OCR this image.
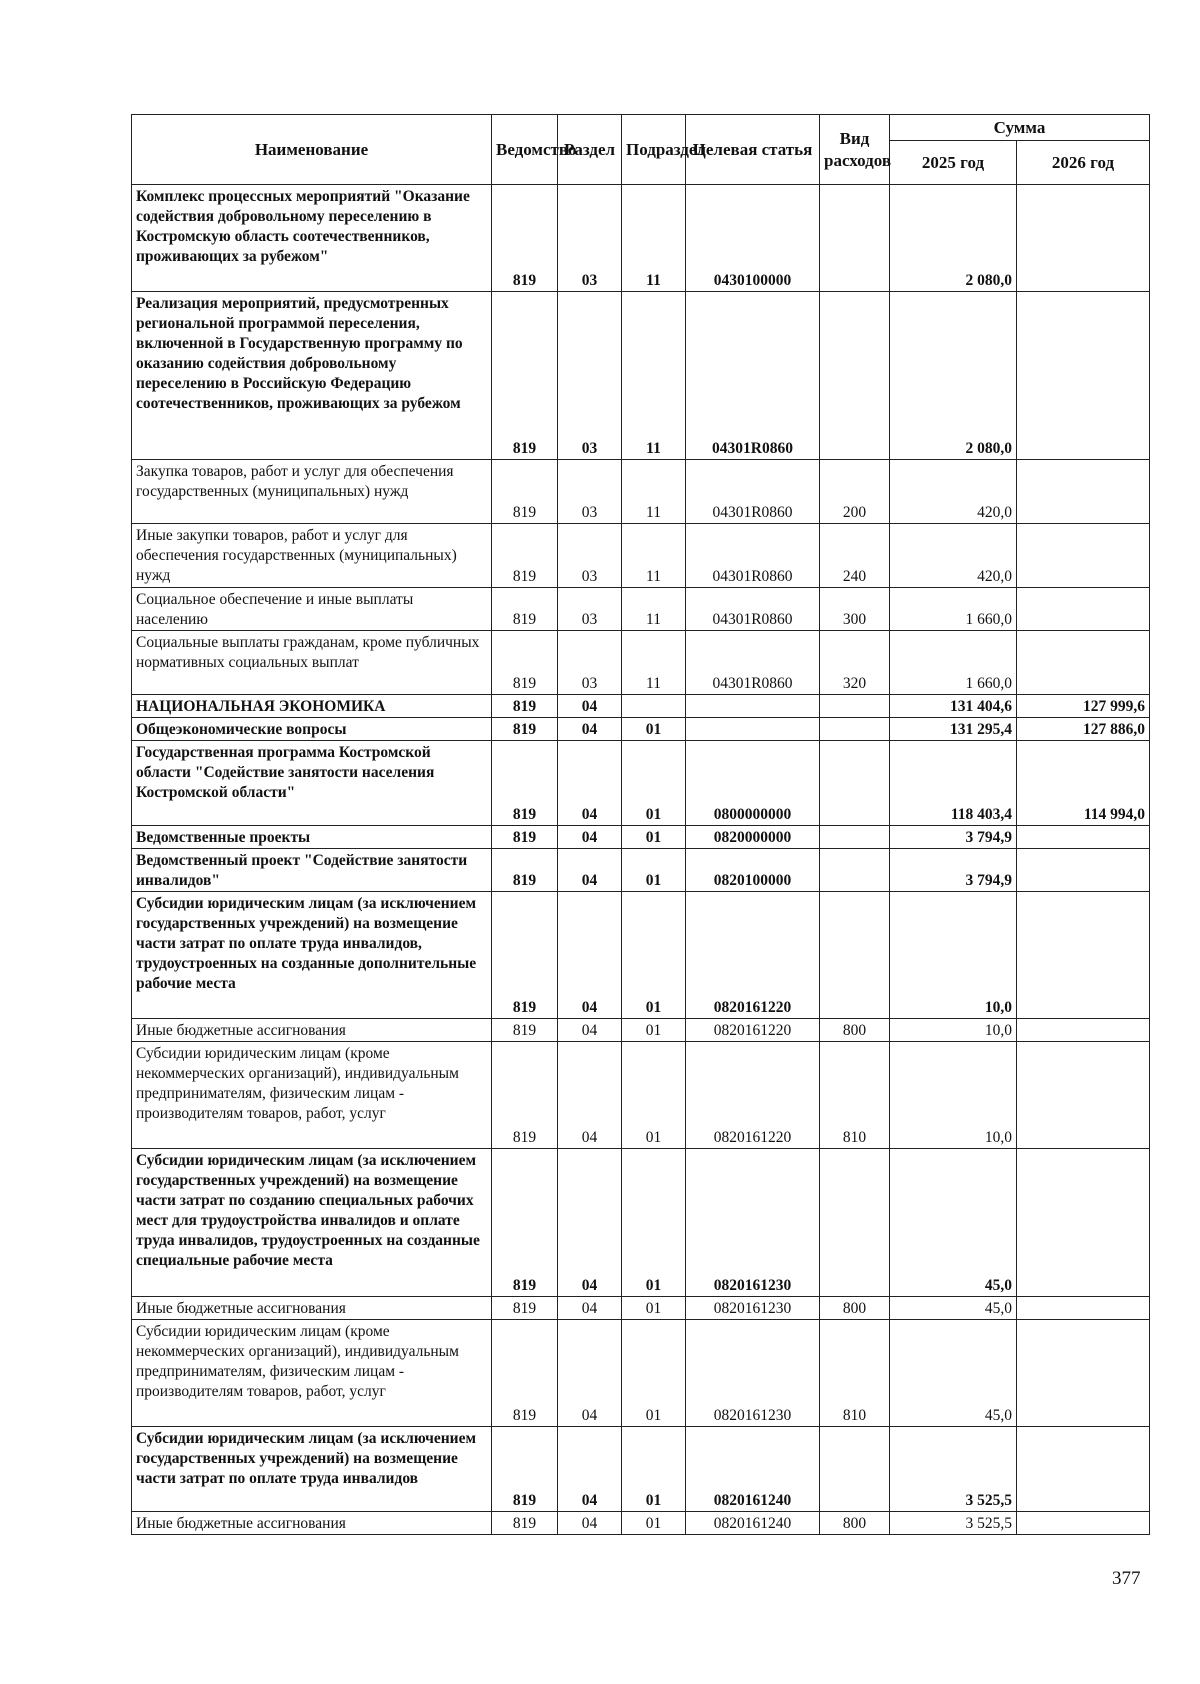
Наименование	Ведомство	Раздел	Подраздел	Целевая статья	Вид расходов	Сумма	
						2025 год	2026 год
Комплекс процессных мероприятий "Оказание содействия добровольному переселению в Костромскую область соотечественников, проживающих за рубежом"	819	03	11	0430100000		2 080,0	
Реализация мероприятий, предусмотренных региональной программой переселения, включенной в Государственную программу по оказанию содействия добровольному переселению в Российскую Федерацию соотечественников, проживающих за рубежом	819	03	11	04301R0860		2 080,0	
Закупка товаров, работ и услуг для обеспечения государственных (муниципальных) нужд	819	03	11	04301R0860	200	420,0	
Иные закупки товаров, работ и услуг для обеспечения государственных (муниципальных) нужд	819	03	11	04301R0860	240	420,0	
Социальное обеспечение и иные выплаты населению	819	03	11	04301R0860	300	1 660,0	
Социальные выплаты гражданам, кроме публичных нормативных социальных выплат	819	03	11	04301R0860	320	1 660,0	
НАЦИОНАЛЬНАЯ ЭКОНОМИКА	819	04				131 404,6	127 999,6
Общеэкономические вопросы	819	04	01			131 295,4	127 886,0
Государственная программа Костромской области "Содействие занятости населения Костромской области"	819	04	01	0800000000		118 403,4	114 994,0
Ведомственные проекты	819	04	01	0820000000		3 794,9	
Ведомственный проект "Содействие занятости инвалидов"	819	04	01	0820100000		3 794,9	
Субсидии юридическим лицам (за исключением государственных учреждений) на возмещение части затрат по оплате труда инвалидов, трудоустроенных на созданные дополнительные рабочие места	819	04	01	0820161220		10,0	
Иные бюджетные ассигнования	819	04	01	0820161220	800	10,0	
Субсидии юридическим лицам (кроме некоммерческих организаций), индивидуальным предпринимателям, физическим лицам - производителям товаров, работ, услуг	819	04	01	0820161220	810	10,0	
Субсидии юридическим лицам (за исключением государственных учреждений) на возмещение части затрат по созданию специальных рабочих мест для трудоустройства инвалидов и оплате труда инвалидов, трудоустроенных на созданные специальные рабочие места	819	04	01	0820161230		45,0	
Иные бюджетные ассигнования	819	04	01	0820161230	800	45,0	
Субсидии юридическим лицам (кроме некоммерческих организаций), индивидуальным предпринимателям, физическим лицам - производителям товаров, работ, услуг	819	04	01	0820161230	810	45,0	
Субсидии юридическим лицам (за исключением государственных учреждений) на возмещение части затрат по оплате труда инвалидов	819	04	01	0820161240		3 525,5	
Иные бюджетные ассигнования	819	04	01	0820161240	800	3 525,5	
377
